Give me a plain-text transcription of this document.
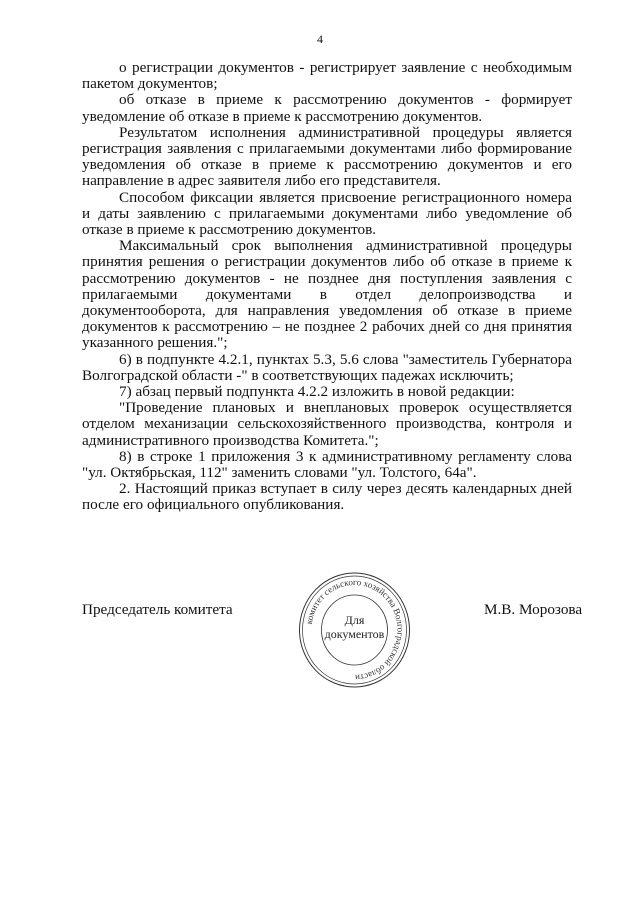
4

о регистрации документов - регистрирует заявление с необходимым пакетом документов;

об отказе в приеме к рассмотрению документов - формирует уведомление об отказе в приеме к рассмотрению документов.

Результатом исполнения административной процедуры является регистрация заявления с прилагаемыми документами либо формирование уведомления об отказе в приеме к рассмотрению документов и его направление в адрес заявителя либо его представителя.

Способом фиксации является присвоение регистрационного номера и даты заявлению с прилагаемыми документами либо уведомление об отказе в приеме к рассмотрению документов.

Максимальный срок выполнения административной процедуры принятия решения о регистрации документов либо об отказе в приеме к рассмотрению документов - не позднее дня поступления заявления с прилагаемыми документами в отдел делопроизводства и документооборота, для направления уведомления об отказе в приеме документов к рассмотрению – не позднее 2 рабочих дней со дня принятия указанного решения.";

6) в подпункте 4.2.1, пунктах 5.3, 5.6 слова "заместитель Губернатора Волгоградской области -" в соответствующих падежах исключить;

7) абзац первый подпункта 4.2.2 изложить в новой редакции:

"Проведение плановых и внеплановых проверок осуществляется отделом механизации сельскохозяйственного производства, контроля и административного производства Комитета.";

8) в строке 1 приложения 3 к административному регламенту слова "ул. Октябрьская, 112" заменить словами "ул. Толстого, 64а".

2. Настоящий приказ вступает в силу через десять календарных дней после его официального опубликования.

Председатель комитета	М.В. Морозова
комитет сельского хозяйства Волгоградской области
Для
документов
